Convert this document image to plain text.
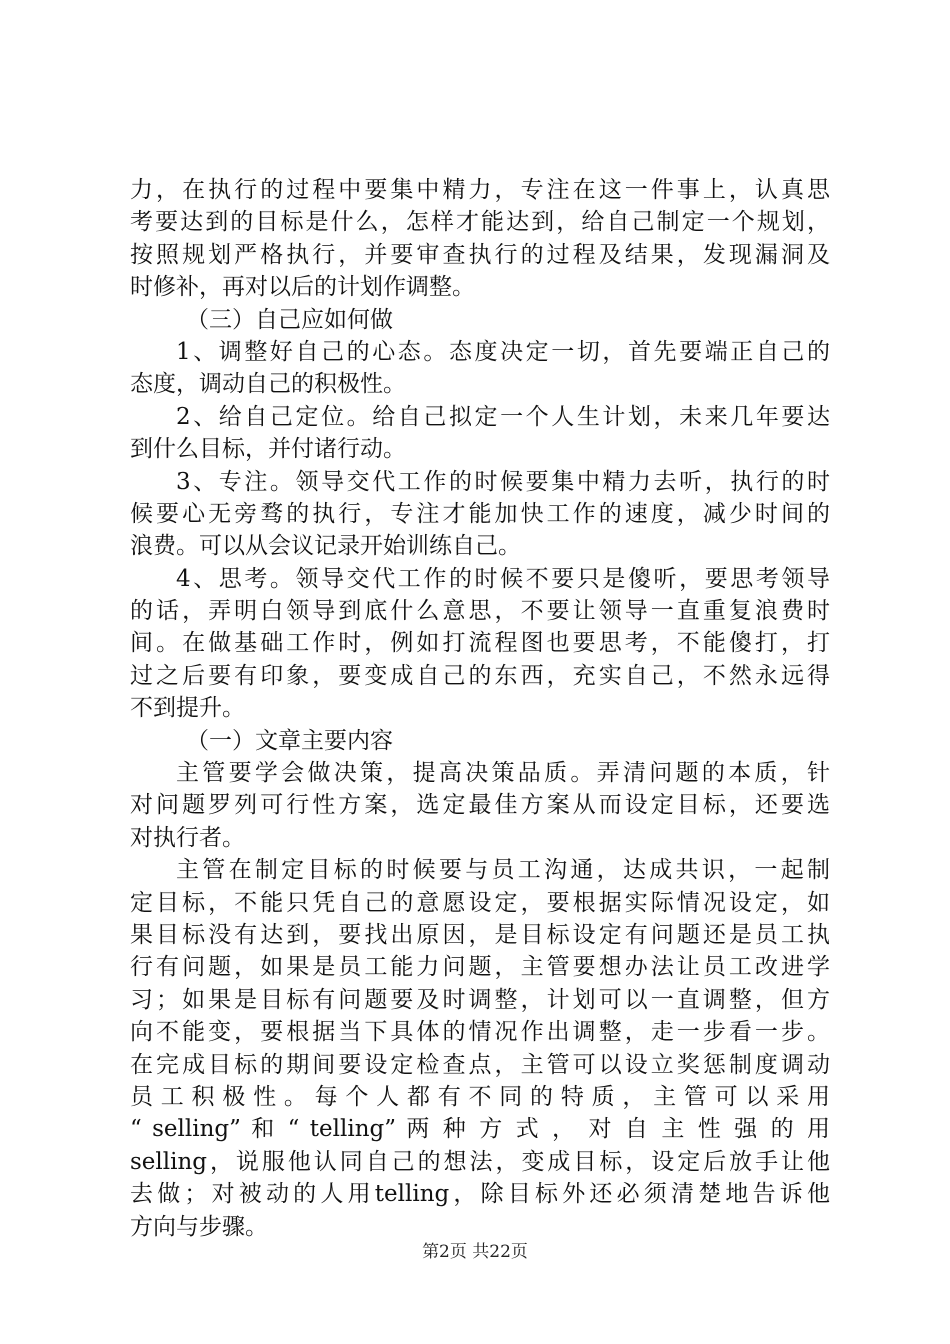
力，在执行的过程中要集中精力，专注在这一件事上，认真思
考要达到的目标是什么，怎样才能达到，给自己制定一个规划，
按照规划严格执行，并要审查执行的过程及结果，发现漏洞及
时修补，再对以后的计划作调整。
（三）自己应如何做
1、调整好自己的心态。态度决定一切，首先要端正自己的
态度，调动自己的积极性。
2、给自己定位。给自己拟定一个人生计划，未来几年要达
到什么目标，并付诸行动。
3、专注。领导交代工作的时候要集中精力去听，执行的时
候要心无旁骛的执行，专注才能加快工作的速度，减少时间的
浪费。可以从会议记录开始训练自己。
4、思考。领导交代工作的时候不要只是傻听，要思考领导
的话，弄明白领导到底什么意思，不要让领导一直重复浪费时
间。在做基础工作时，例如打流程图也要思考，不能傻打，打
过之后要有印象，要变成自己的东西，充实自己，不然永远得
不到提升。
（一）文章主要内容
主管要学会做决策，提高决策品质。弄清问题的本质，针
对问题罗列可行性方案，选定最佳方案从而设定目标，还要选
对执行者。
主管在制定目标的时候要与员工沟通，达成共识，一起制
定目标，不能只凭自己的意愿设定，要根据实际情况设定，如
果目标没有达到，要找出原因，是目标设定有问题还是员工执
行有问题，如果是员工能力问题，主管要想办法让员工改进学
习；如果是目标有问题要及时调整，计划可以一直调整，但方
向不能变，要根据当下具体的情况作出调整，走一步看一步。
在完成目标的期间要设定检查点，主管可以设立奖惩制度调动
员 工 积 极 性 。 每 个 人 都 有 不 同 的 特 质 ， 主 管 可 以 采 用
“ selling” 和 “ telling” 两 种 方 式 ， 对 自 主 性 强 的 用
selling，说服他认同自己的想法，变成目标，设定后放手让他
去做；对被动的人用telling，除目标外还必须清楚地告诉他
方向与步骤。
第2页 共22页
